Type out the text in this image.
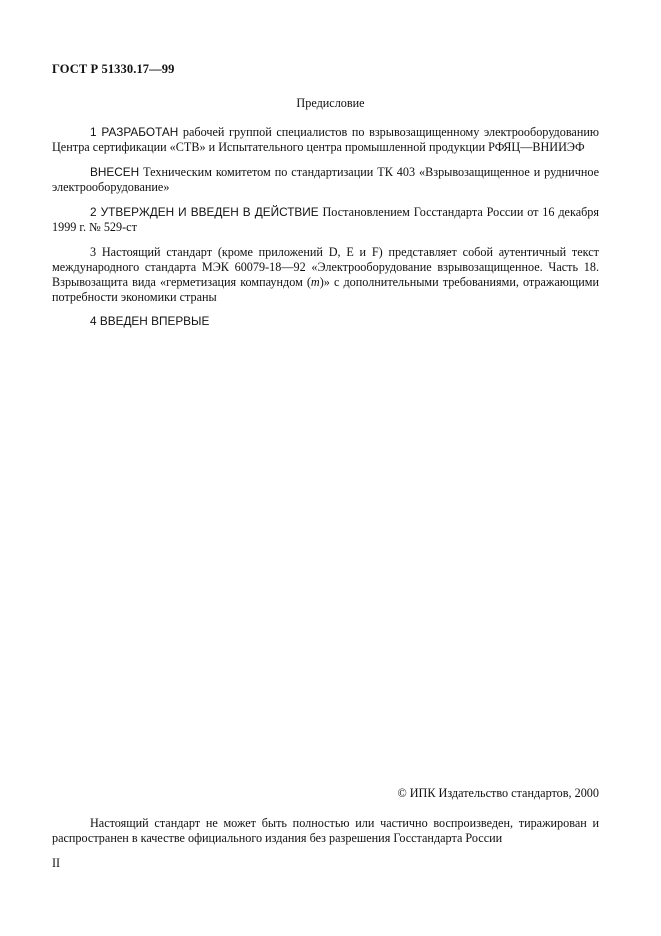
ГОСТ Р 51330.17—99
Предисловие
1 РАЗРАБОТАН рабочей группой специалистов по взрывозащищенному электрооборудованию Центра сертификации «СТВ» и Испытательного центра промышленной продукции РФЯЦ—ВНИИЭФ
ВНЕСЕН Техническим комитетом по стандартизации ТК 403 «Взрывозащищенное и рудничное электрооборудование»
2 УТВЕРЖДЕН И ВВЕДЕН В ДЕЙСТВИЕ Постановлением Госстандарта России от 16 декабря 1999 г. № 529-ст
3 Настоящий стандарт (кроме приложений D, E и F) представляет собой аутентичный текст международного стандарта МЭК 60079-18—92 «Электрооборудование взрывозащищенное. Часть 18. Взрывозащита вида «герметизация компаундом (m)» с дополнительными требованиями, отражающими потребности экономики страны
4 ВВЕДЕН ВПЕРВЫЕ
© ИПК Издательство стандартов, 2000
Настоящий стандарт не может быть полностью или частично воспроизведен, тиражирован и распространен в качестве официального издания без разрешения Госстандарта России
II
